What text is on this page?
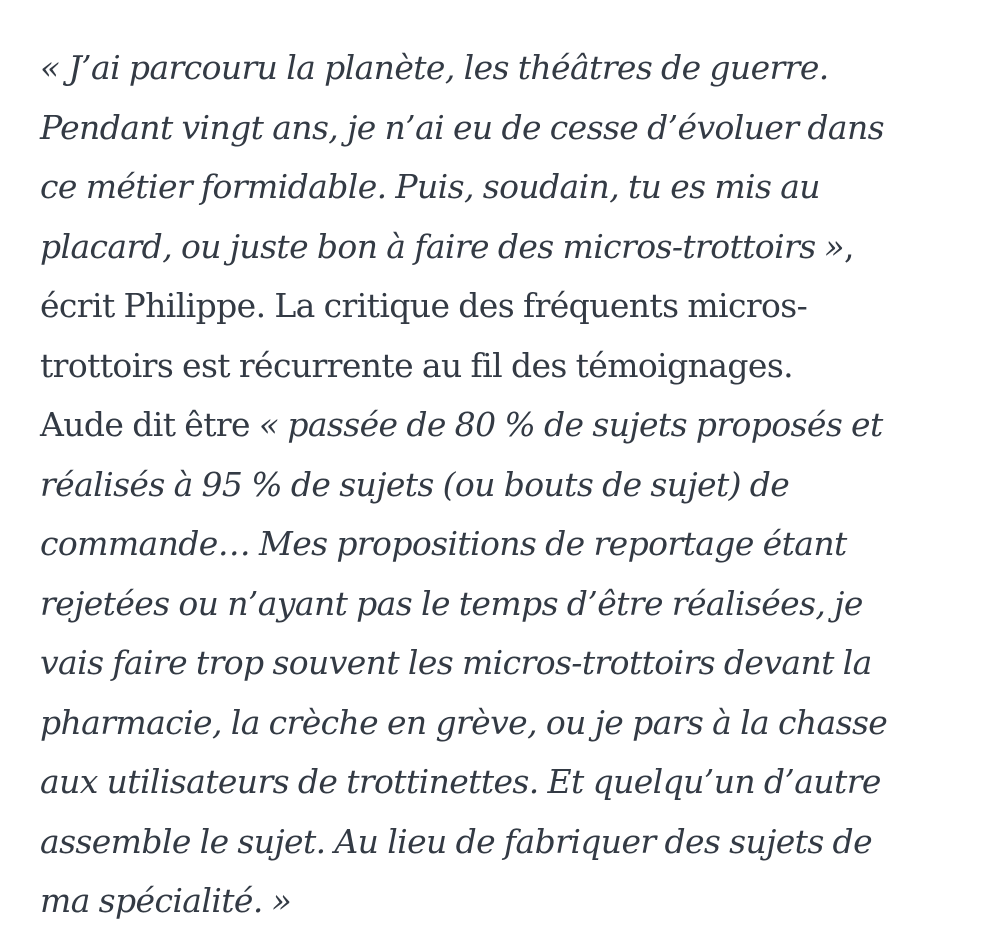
« J’ai parcouru la planète, les théâtres de guerre.
Pendant vingt ans, je n’ai eu de cesse d’évoluer dans
ce métier formidable. Puis, soudain, tu es mis au
placard, ou juste bon à faire des micros-trottoirs »,
écrit Philippe. La critique des fréquents micros-
trottoirs est récurrente au fil des témoignages.
Aude dit être « passée de 80 % de sujets proposés et
réalisés à 95 % de sujets (ou bouts de sujet) de
commande… Mes propositions de reportage étant
rejetées ou n’ayant pas le temps d’être réalisées, je
vais faire trop souvent les micros-trottoirs devant la
pharmacie, la crèche en grève, ou je pars à la chasse
aux utilisateurs de trottinettes. Et quelqu’un d’autre
assemble le sujet. Au lieu de fabriquer des sujets de
ma spécialité. »
